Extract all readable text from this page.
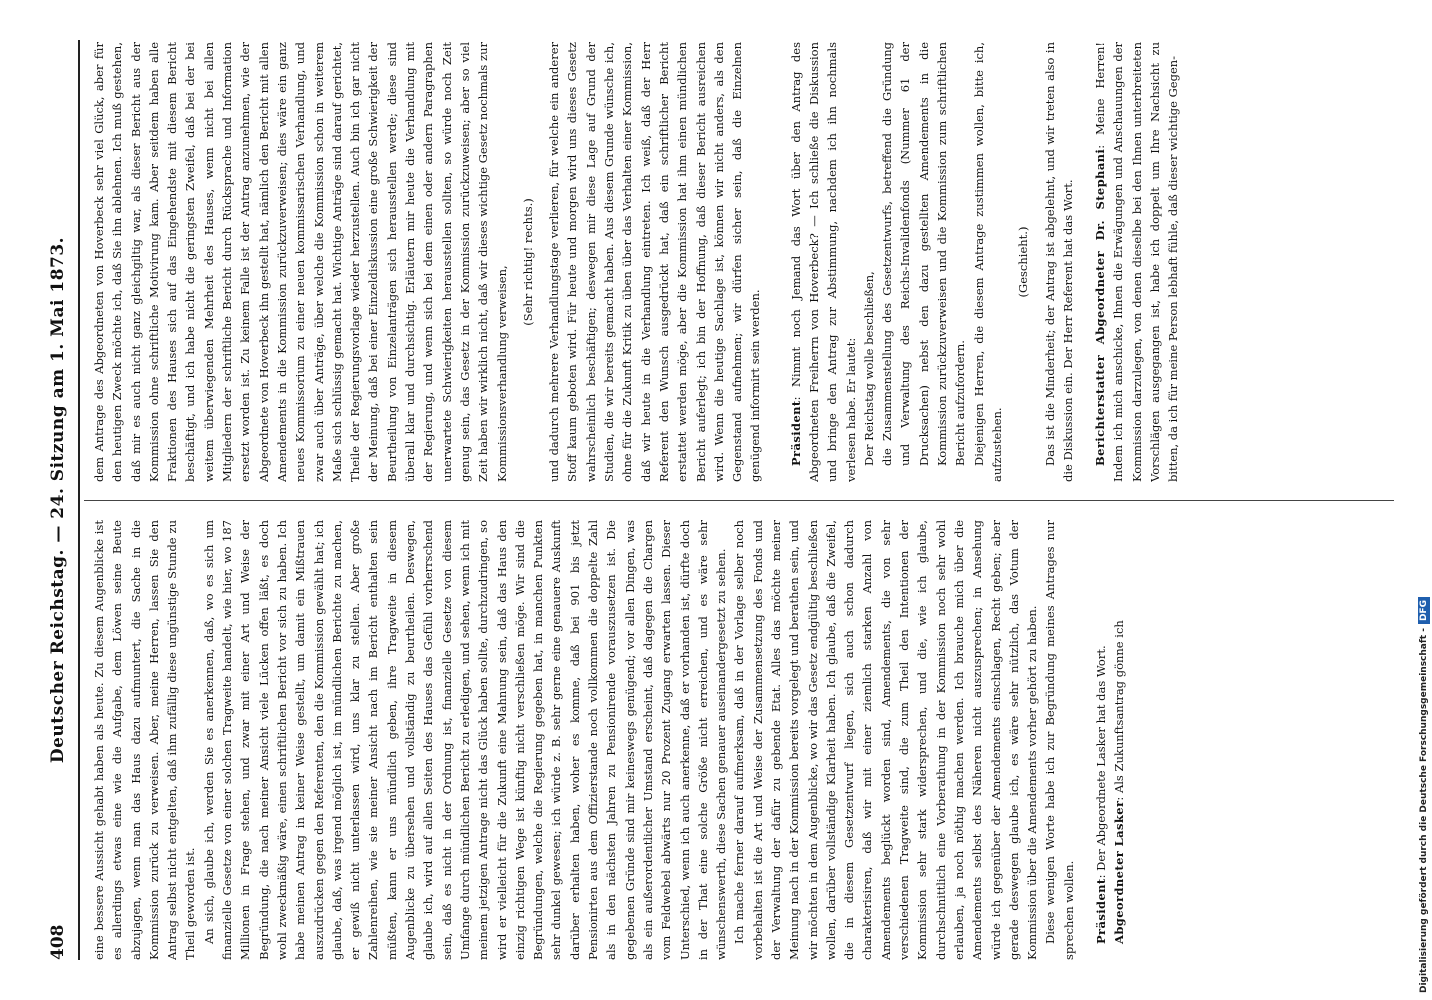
408
Deutscher Reichstag. — 24. Sitzung am 1. Mai 1873. eine bessere Aussicht gehabt haben als heute. Zu diesem Augenblicke ist es allerdings etwas eine wie die Aufgabe, dem Löwen seine Beute abzujagen, wenn man das Haus dazu aufmuntert, die Sache in die Kommission zurück zu verweisen. Aber, meine Herren, lassen Sie den Antrag selbst nicht entgelten, daß ihm zufällig diese ungünstige Stunde zu Theil geworden ist. An sich, glaube ich, werden Sie es anerkennen, daß, wo es sich um finanzielle Gesetze von einer solchen Tragweite handelt, wie hier, wo 187 Millionen in Frage stehen, und zwar mit einer Art und Weise der Begründung, die nach meiner Ansicht viele Lücken offen läßt, es doch wohl zweckmäßig wäre, einen schriftlichen Bericht vor sich zu haben. Ich habe meinen Antrag in keiner Weise gestellt, um damit ein Mißtrauen auszudrücken gegen den Referenten, den die Kommission gewählt hat; ich glaube, daß, was irgend möglich ist, im mündlichen Berichte zu machen, er gewiß nicht unterlassen wird, uns klar zu stellen. Aber große Zahlenreihen, wie sie meiner Ansicht nach im Bericht enthalten sein müßten, kann er uns mündlich geben, ihre Tragweite in diesem Augenblicke zu übersehen und vollständig zu beurtheilen. Deswegen, glaube ich, wird auf allen Seiten des Hauses das Gefühl vorherrschend sein, daß es nicht in der Ordnung ist, finanzielle Gesetze von diesem Umfange durch mündlichen Bericht zu erledigen, und sehen, wenn ich mit meinem jetzigen Antrage nicht das Glück haben sollte, durchzudringen, so wird er vielleicht für die Zukunft eine Mahnung sein, daß das Haus den einzig richtigen Wege ist künftig nicht verschließen möge. Wir sind die Begründungen, welche die Regierung gegeben hat, in manchen Punkten sehr dunkel gewesen; ich würde z. B. sehr gerne eine genauere Auskunft darüber erhalten haben, woher es komme, daß bei 901 bis jetzt Pensionirten aus dem Offizierstande noch vollkommen die doppelte Zahl als in den nächsten Jahren zu Pensionirende vorauszusetzen ist. Die gegebenen Gründe sind mir keineswegs genügend; vor allen Dingen, was als ein außerordentlicher Umstand erscheint, daß dagegen die Chargen vom Feldwebel abwärts nur 20 Prozent Zugang erwarten lassen. Dieser Unterschied, wenn ich auch anerkenne, daß er vorhanden ist, dürfte doch in der That eine solche Größe nicht erreichen, und es wäre sehr wünschenswerth, diese Sachen genauer auseinandergesetzt zu sehen. Ich mache ferner darauf aufmerksam, daß in der Vorlage selber noch vorbehalten ist die Art und Weise der Zusammensetzung des Fonds und der Verwaltung der dafür zu gebende Etat. Alles das möchte meiner Meinung nach in der Kommission bereits vorgelegt und berathen sein, und wir möchten in dem Augenblicke, wo wir das Gesetz endgültig beschließen wollen, darüber vollständige Klarheit haben. Ich glaube, daß die Zweifel, die in diesem Gesetzentwurf liegen, sich auch schon dadurch charakterisiren, daß wir mit einer ziemlich starken Anzahl von Amendements beglückt worden sind, Amendements, die von sehr verschiedenen Tragweite sind, die zum Theil den Intentionen der Kommission sehr stark widersprechen, und die, wie ich glaube, durchschnittlich eine Vorberathung in der Kommission noch sehr wohl erlauben, ja noch nöthig machen werden. Ich brauche mich über die Amendements selbst des Näheren nicht auszusprechen; in Ansehung würde ich gegenüber der Amendements einschlagen, Recht geben; aber gerade deswegen glaube ich, es wäre sehr nützlich, das Votum der Kommission über die Amendements vorher gehört zu haben. Diese wenigen Worte habe ich zur Begründung meines Antrages nur sprechen wollen. Präsident: Der Abgeordnete Lasker hat das Wort. Abgeordneter Lasker: Als Zukunftsantrag gönne ich

dem Antrage des Abgeordneten von Hoverbeck sehr viel Glück, aber für den heutigen Zweck möchte ich, daß Sie ihn ablehnen. Ich muß gestehen, daß mir es auch nicht ganz gleichgiltig war, als dieser Bericht aus der Kommission ohne schriftliche Motivirung kam. Aber seitdem haben alle Fraktionen des Hauses sich auf das Eingehendste mit diesem Bericht beschäftigt, und ich habe nicht die geringsten Zweifel, daß bei der bei weitem überwiegenden Mehrheit des Hauses, wenn nicht bei allen Mitgliedern der schriftliche Bericht durch Rücksprache und Information ersetzt worden ist. Zu keinem Falle ist der Antrag anzunehmen, wie der Abgeordnete von Hoverbeck ihn gestellt hat, nämlich den Bericht mit allen Amendements in die Kommission zurückzuverweisen; dies wäre ein ganz neues Kommissorium zu einer neuen kommissarischen Verhandlung, und zwar auch über Anträge, über welche die Kommission schon in weiterem Maße sich schlüssig gemacht hat. Wichtige Anträge sind darauf gerichtet, Theile der Regierungsvorlage wieder herzustellen. Auch bin ich gar nicht der Meinung, daß bei einer Einzeldiskussion eine große Schwierigkeit der Beurtheilung von Einzelanträgen sich herausstellen werde; diese sind überall klar und durchsichtig. Erläutern mir heute die Verhandlung mit der Regierung, und wenn sich bei dem einen oder andern Paragraphen unerwartete Schwierigkeiten herausstellen sollten, so würde noch Zeit genug sein, das Gesetz in der Kommission zurückzuweisen; aber so viel Zeit haben wir wirklich nicht, daß wir dieses wichtige Gesetz nochmals zur Kommissionsverhandlung verweisen,

(Sehr richtig! rechts.) und dadurch mehrere Verhandlungstage verlieren, für welche ein anderer Stoff kaum geboten wird. Für heute und morgen wird uns dieses Gesetz wahrscheinlich beschäftigen; deswegen mir diese Lage auf Grund der Studien, die wir bereits gemacht haben. Aus diesem Grunde wünsche ich, ohne für die Zukunft Kritik zu üben über das Verhalten einer Kommission, daß wir heute in die Verhandlung eintreten. Ich weiß, daß der Herr Referent den Wunsch ausgedrückt hat, daß ein schriftlicher Bericht erstattet werden möge, aber die Kommission hat ihm einen mündlichen Bericht auferlegt; ich bin der Hoffnung, daß dieser Bericht ausreichen wird. Wenn die heutige Sachlage ist, können wir nicht anders, als den Gegenstand aufnehmen; wir dürfen sicher sein, daß die Einzelnen genügend informirt sein werden. Präsident: Nimmt noch Jemand das Wort über den Antrag des Abgeordneten Freiherrn von Hoverbeck? — Ich schließe die Diskussion und bringe den Antrag zur Abstimmung, nachdem ich ihn nochmals verlesen habe. Er lautet: Der Reichstag wolle beschließen, die Zusammenstellung des Gesetzentwurfs, betreffend die Gründung und Verwaltung des Reichs-Invalidenfonds (Nummer 61 der Drucksachen) nebst den dazu gestellten Amendements in die Kommission zurückzuverweisen und die Kommission zum schriftlichen Bericht aufzufordern. Diejenigen Herren, die diesem Antrage zustimmen wollen, bitte ich, aufzustehen.

(Geschieht.) Das ist die Minderheit; der Antrag ist abgelehnt, und wir treten also in die Diskussion ein. Der Herr Referent hat das Wort. Berichterstatter Abgeordneter Dr. Stephani: Meine Herren! Indem ich mich anschicke, Ihnen die Erwägungen und Anschauungen der Kommission darzulegen, von denen dieselbe bei den Ihnen unterbreiteten Vorschlägen ausgegangen ist, habe ich doppelt um Ihre Nachsicht zu bitten, da ich für meine Person lebhaft fühle, daß dieser wichtige Gegen-

Digitalisierung gefördert durch die Deutsche Forschungsgemeinschaft -DFG
